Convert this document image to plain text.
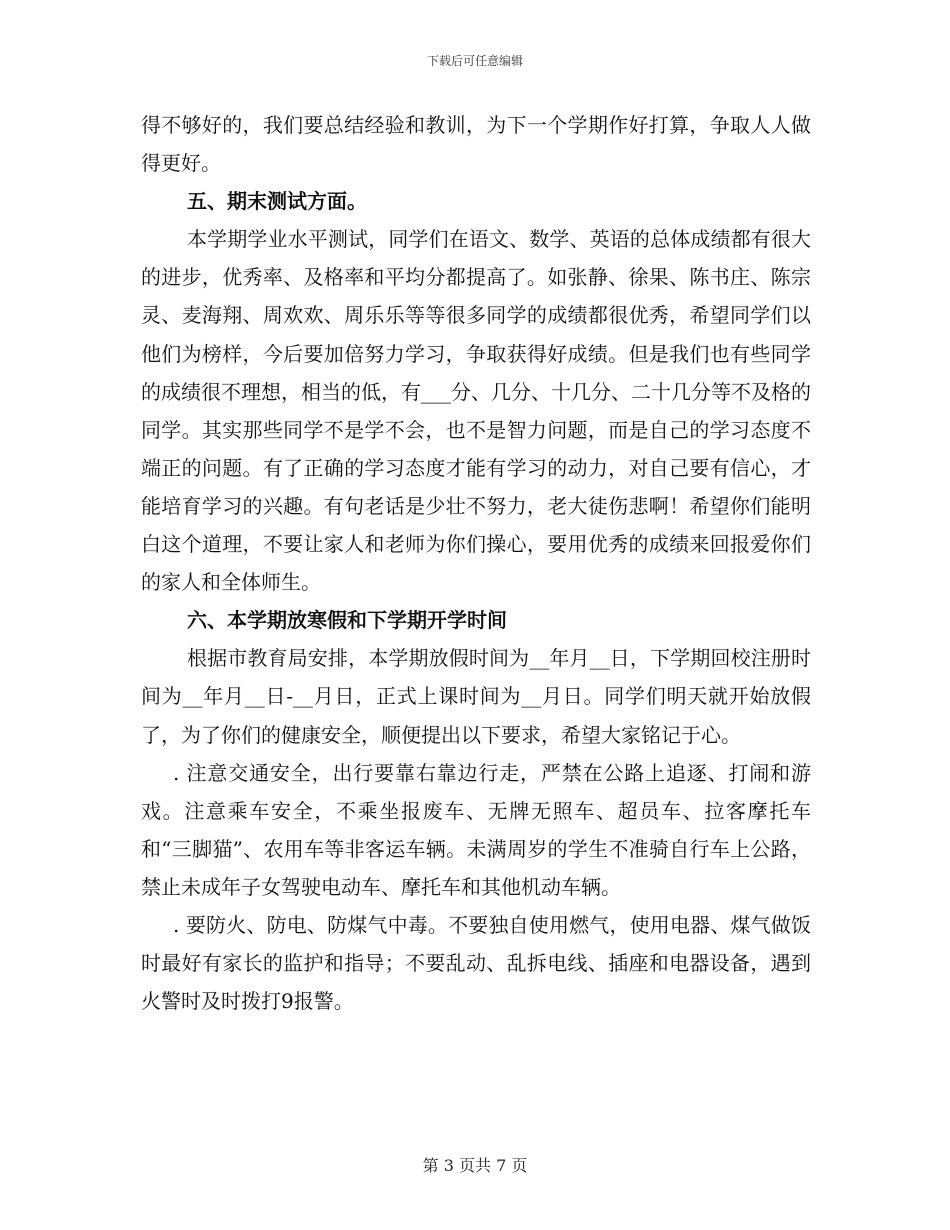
下载后可任意编辑

得不够好的，我们要总结经验和教训，为下一个学期作好打算，争取人人做得更好。

五、期末测试方面。

本学期学业水平测试，同学们在语文、数学、英语的总体成绩都有很大的进步，优秀率、及格率和平均分都提高了。如张静、徐果、陈书庄、陈宗灵、麦海翔、周欢欢、周乐乐等等很多同学的成绩都很优秀，希望同学们以他们为榜样，今后要加倍努力学习，争取获得好成绩。但是我们也有些同学的成绩很不理想，相当的低，有___分、几分、十几分、二十几分等不及格的同学。其实那些同学不是学不会，也不是智力问题，而是自己的学习态度不端正的问题。有了正确的学习态度才能有学习的动力，对自己要有信心，才能培育学习的兴趣。有句老话是少壮不努力，老大徒伤悲啊！希望你们能明白这个道理，不要让家人和老师为你们操心，要用优秀的成绩来回报爱你们的家人和全体师生。

六、本学期放寒假和下学期开学时间

根据市教育局安排，本学期放假时间为__年月__日，下学期回校注册时间为__年月__日-__月日，正式上课时间为__月日。同学们明天就开始放假了，为了你们的健康安全，顺便提出以下要求，希望大家铭记于心。

. 注意交通安全，出行要靠右靠边行走，严禁在公路上追逐、打闹和游戏。注意乘车安全，不乘坐报废车、无牌无照车、超员车、拉客摩托车和“三脚猫”、农用车等非客运车辆。未满周岁的学生不准骑自行车上公路，禁止未成年子女驾驶电动车、摩托车和其他机动车辆。

. 要防火、防电、防煤气中毒。不要独自使用燃气，使用电器、煤气做饭时最好有家长的监护和指导；不要乱动、乱拆电线、插座和电器设备，遇到火警时及时拨打9报警。

第 3 页共 7 页
